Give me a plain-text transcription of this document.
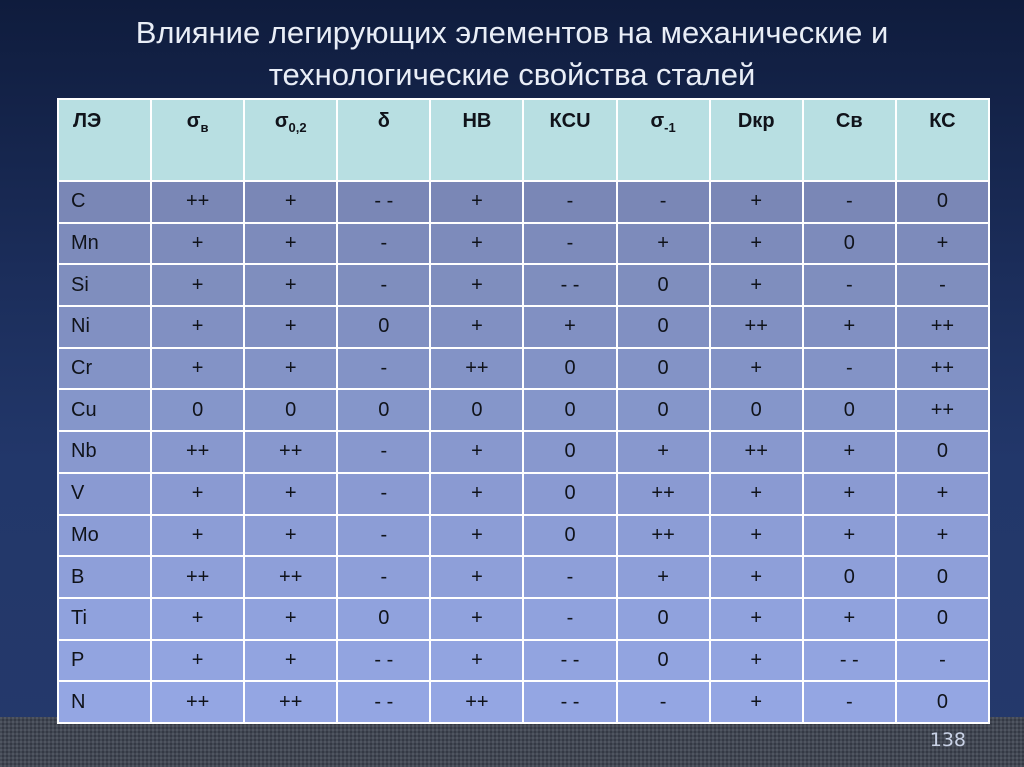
Влияние легирующих элементов на механические и
технологические свойства сталей
ЛЭ	$\sigma_в$	$\sigma_{0,2}$	δ	НВ	КCU	$\sigma_{-1}$	Dкр	Св	КС
C	++	+	- -	+	-	-	+	-	0
Mn	+	+	-	+	-	+	+	0	+
Si	+	+	-	+	- -	0	+	-	-
Ni	+	+	0	+	+	0	++	+	++
Cr	+	+	-	++	0	0	+	-	++
Cu	0	0	0	0	0	0	0	0	++
Nb	++	++	-	+	0	+	++	+	0
V	+	+	-	+	0	++	+	+	+
Mo	+	+	-	+	0	++	+	+	+
B	++	++	-	+	-	+	+	0	0
Ti	+	+	0	+	-	0	+	+	0
P	+	+	- -	+	- -	0	+	- -	-
N	++	++	- -	++	- -	-	+	-	0
138
